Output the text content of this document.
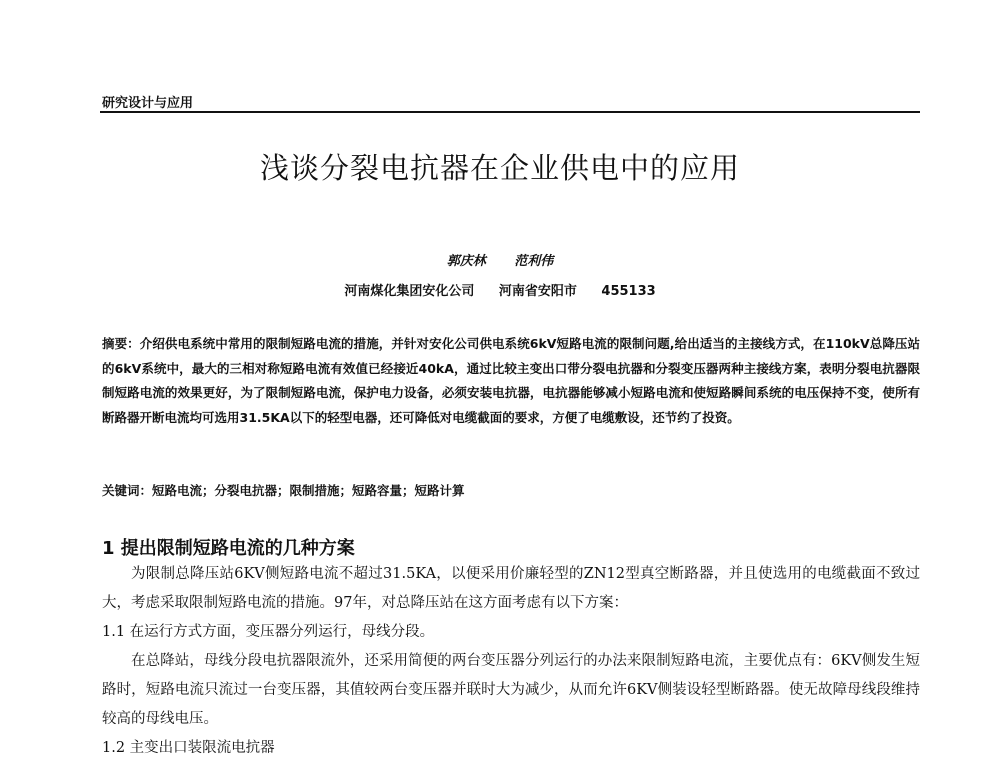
研究设计与应用
浅谈分裂电抗器在企业供电中的应用
郭庆林 范利伟
河南煤化集团安化公司 河南省安阳市 455133
摘要：介绍供电系统中常用的限制短路电流的措施，并针对安化公司供电系统6kV短路电流的限制问题,给出适当的主接线方式，在110kV总降压站的6kV系统中，最大的三相对称短路电流有效值已经接近40kA，通过比较主变出口带分裂电抗器和分裂变压器两种主接线方案，表明分裂电抗器限制短路电流的效果更好，为了限制短路电流，保护电力设备，必须安装电抗器，电抗器能够减小短路电流和使短路瞬间系统的电压保持不变，使所有断路器开断电流均可选用31.5KA以下的轻型电器，还可降低对电缆截面的要求，方便了电缆敷设，还节约了投资。
关键词：短路电流；分裂电抗器；限制措施；短路容量；短路计算
1 提出限制短路电流的几种方案
为限制总降压站6KV侧短路电流不超过31.5KA，以便采用价廉轻型的ZN12型真空断路器，并且使选用的电缆截面不致过大，考虑采取限制短路电流的措施。97年，对总降压站在这方面考虑有以下方案：
1.1 在运行方式方面，变压器分列运行，母线分段。
在总降站，母线分段电抗器限流外，还采用简便的两台变压器分列运行的办法来限制短路电流，主要优点有：6KV侧发生短路时，短路电流只流过一台变压器，其值较两台变压器并联时大为减少，从而允许6KV侧装设轻型断路器。使无故障母线段维持较高的母线电压。
1.2 主变出口装限流电抗器
